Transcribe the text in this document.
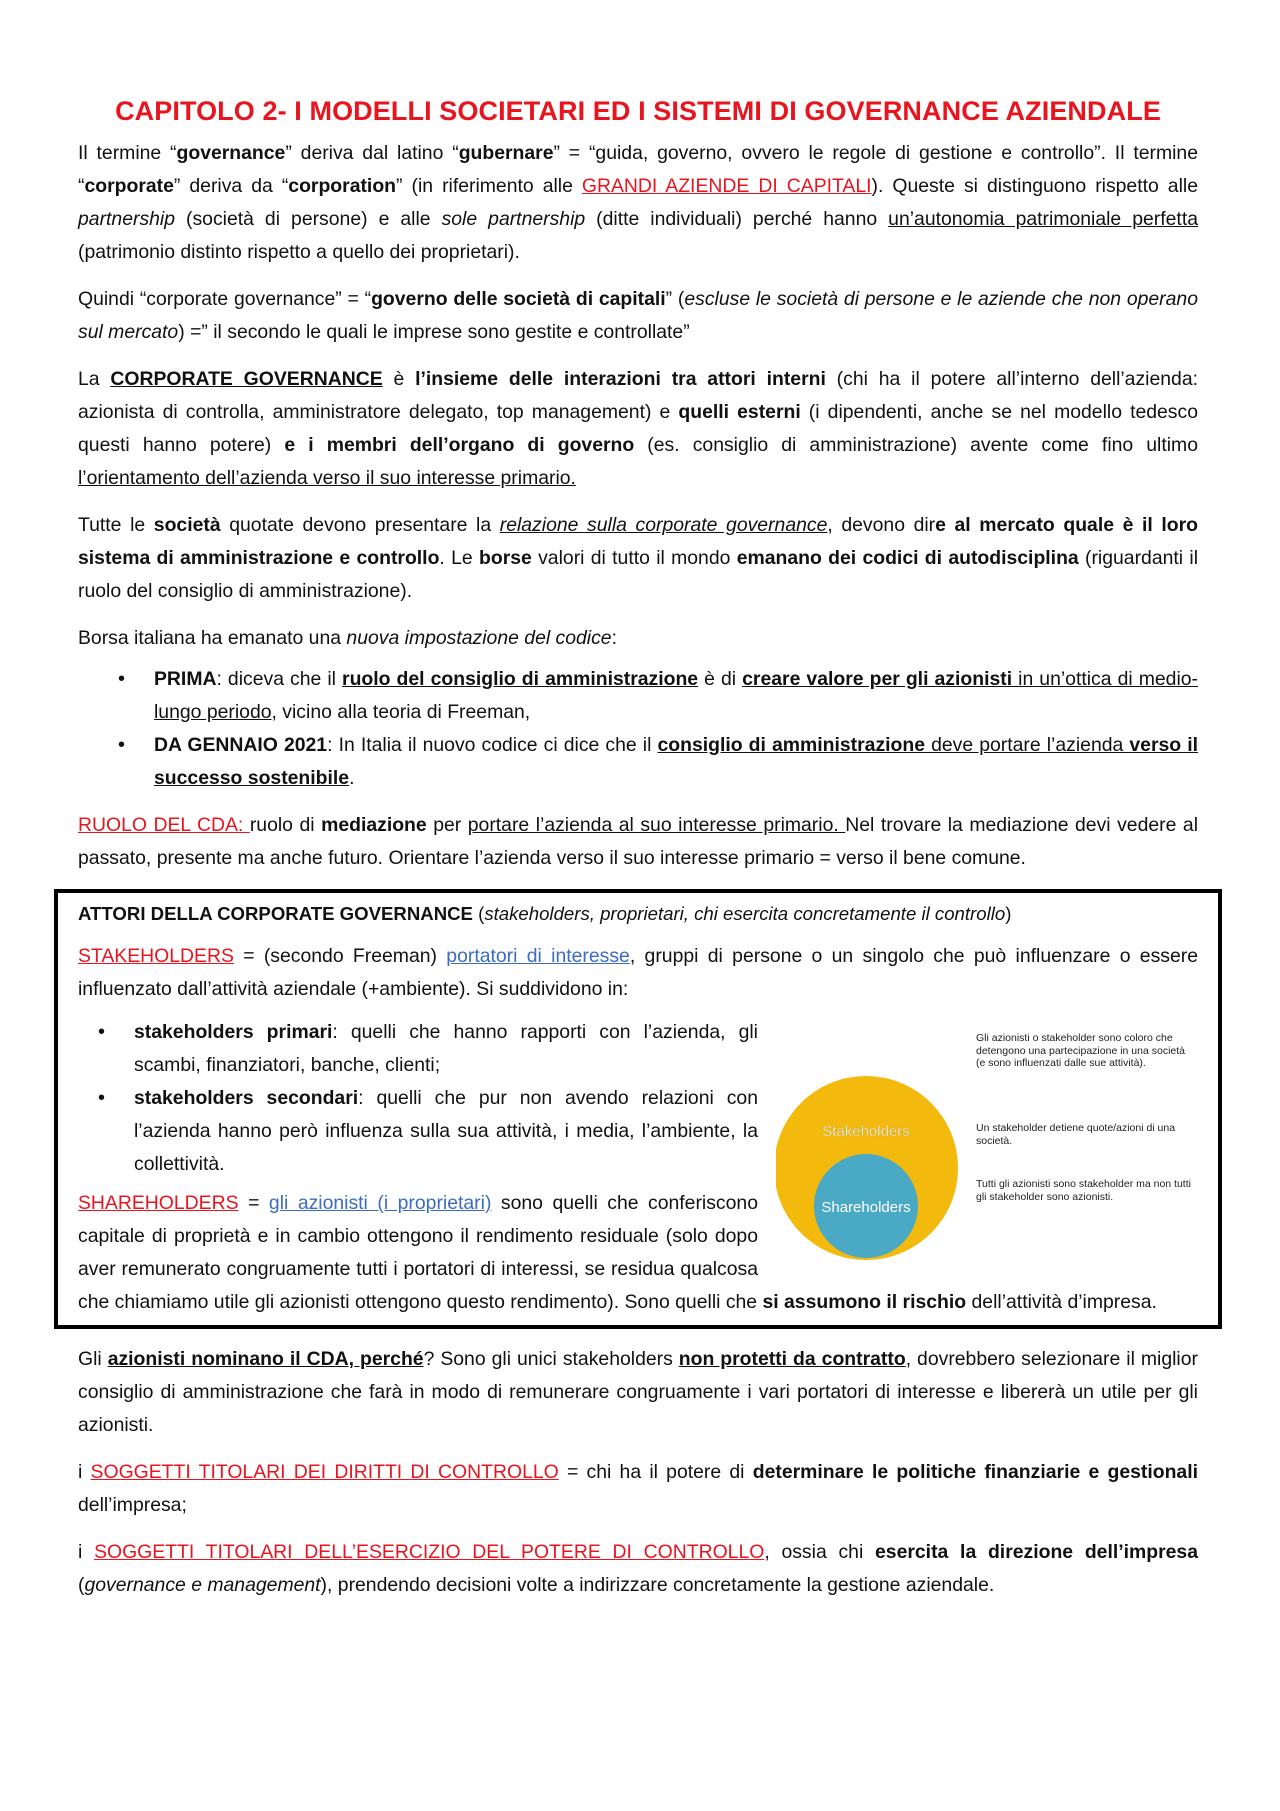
CAPITOLO 2- I MODELLI SOCIETARI ED I SISTEMI DI GOVERNANCE AZIENDALE

Il termine “governance” deriva dal latino “gubernare” = “guida, governo, ovvero le regole di gestione e controllo”. Il termine “corporate” deriva da “corporation” (in riferimento alle GRANDI AZIENDE DI CAPITALI). Queste si distinguono rispetto alle partnership (società di persone) e alle sole partnership (ditte individuali) perché hanno un’autonomia patrimoniale perfetta (patrimonio distinto rispetto a quello dei proprietari).

Quindi “corporate governance” = “governo delle società di capitali” (escluse le società di persone e le aziende che non operano sul mercato) =” il secondo le quali le imprese sono gestite e controllate”

La CORPORATE GOVERNANCE è l’insieme delle interazioni tra attori interni (chi ha il potere all’interno dell’azienda: azionista di controlla, amministratore delegato, top management) e quelli esterni (i dipendenti, anche se nel modello tedesco questi hanno potere) e i membri dell’organo di governo (es. consiglio di amministrazione) avente come fino ultimo l’orientamento dell’azienda verso il suo interesse primario.

Tutte le società quotate devono presentare la relazione sulla corporate governance, devono dire al mercato quale è il loro sistema di amministrazione e controllo. Le borse valori di tutto il mondo emanano dei codici di autodisciplina (riguardanti il ruolo del consiglio di amministrazione).

Borsa italiana ha emanato una nuova impostazione del codice:

• PRIMA: diceva che il ruolo del consiglio di amministrazione è di creare valore per gli azionisti in un’ottica di medio-lungo periodo, vicino alla teoria di Freeman,
• DA GENNAIO 2021: In Italia il nuovo codice ci dice che il consiglio di amministrazione deve portare l’azienda verso il successo sostenibile.

RUOLO DEL CDA: ruolo di mediazione per portare l’azienda al suo interesse primario. Nel trovare la mediazione devi vedere al passato, presente ma anche futuro. Orientare l’azienda verso il suo interesse primario = verso il bene comune.

ATTORI DELLA CORPORATE GOVERNANCE (stakeholders, proprietari, chi esercita concretamente il controllo)

STAKEHOLDERS = (secondo Freeman) portatori di interesse, gruppi di persone o un singolo che può influenzare o essere influenzato dall’attività aziendale (+ambiente). Si suddividono in:

Stakeholders
Shareholders
Gli azionisti o stakeholder sono coloro che detengono una partecipazione in una società (e sono influenzati dalle sue attività).
Un stakeholder detiene quote/azioni di una società.
Tutti gli azionisti sono stakeholder ma non tutti gli stakeholder sono azionisti.
• stakeholders primari: quelli che hanno rapporti con l’azienda, gli scambi, finanziatori, banche, clienti;
• stakeholders secondari: quelli che pur non avendo relazioni con l’azienda hanno però influenza sulla sua attività, i media, l’ambiente, la collettività.

SHAREHOLDERS = gli azionisti (i proprietari) sono quelli che conferiscono capitale di proprietà e in cambio ottengono il rendimento residuale (solo dopo aver remunerato congruamente tutti i portatori di interessi, se residua qualcosa che chiamiamo utile gli azionisti ottengono questo rendimento). Sono quelli che si assumono il rischio dell’attività d’impresa.

Gli azionisti nominano il CDA, perché? Sono gli unici stakeholders non protetti da contratto, dovrebbero selezionare il miglior consiglio di amministrazione che farà in modo di remunerare congruamente i vari portatori di interesse e libererà un utile per gli azionisti.

i SOGGETTI TITOLARI DEI DIRITTI DI CONTROLLO = chi ha il potere di determinare le politiche finanziarie e gestionali dell’impresa;

i SOGGETTI TITOLARI DELL’ESERCIZIO DEL POTERE DI CONTROLLO, ossia chi esercita la direzione dell’impresa (governance e management), prendendo decisioni volte a indirizzare concretamente la gestione aziendale.
